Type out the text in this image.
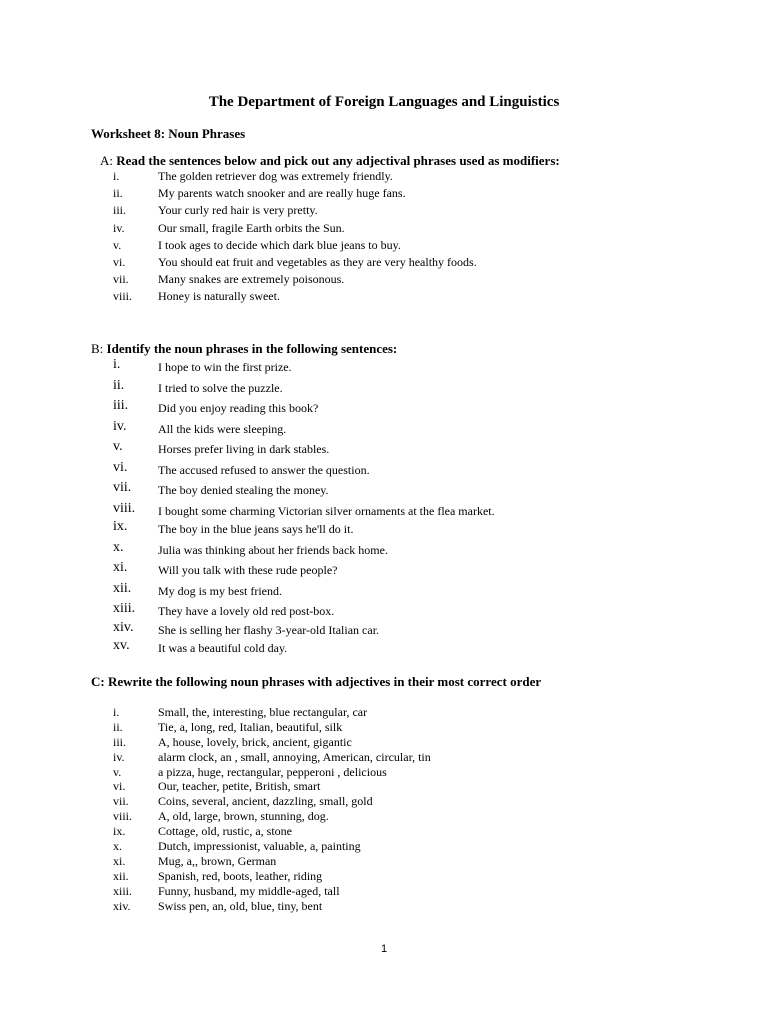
The Department of Foreign Languages and Linguistics
Worksheet 8: Noun Phrases
A: Read the sentences below and pick out any adjectival phrases used as modifiers:
i.	The golden retriever dog was extremely friendly.
ii.	My parents watch snooker and are really huge fans.
iii.	Your curly red hair is very pretty.
iv.	Our small, fragile Earth orbits the Sun.
v.	I took ages to decide which dark blue jeans to buy.
vi.	You should eat fruit and vegetables as they are very healthy foods.
vii. Many snakes are extremely poisonous.
viii. Honey is naturally sweet.
B: Identify the noun phrases in the following sentences:
i.	I hope to win the first prize.
ii.	I tried to solve the puzzle.
iii. Did you enjoy reading this book?
iv.	All the kids were sleeping.
v.	Horses prefer living in dark stables.
vi.	The accused refused to answer the question.
vii. The boy denied stealing the money.
viii. I bought some charming Victorian silver ornaments at the flea market.
ix.	The boy in the blue jeans says he'll do it.
x.	Julia was thinking about her friends back home.
xi.	Will you talk with these rude people?
xii. My dog is my best friend.
xiii. They have a lovely old red post-box.
xiv. She is selling her flashy 3-year-old Italian car.
xv. It was a beautiful cold day.
C: Rewrite the following noun phrases with adjectives in their most correct order
i.	Small, the, interesting, blue rectangular, car
ii.	Tie, a, long, red, Italian, beautiful, silk
iii.	A, house, lovely, brick, ancient, gigantic
iv.	alarm clock, an , small, annoying, American, circular, tin
v.	a pizza, huge, rectangular, pepperoni , delicious
vi.	Our, teacher, petite, British, smart
vii. Coins, several, ancient, dazzling, small, gold
viii. A, old, large, brown, stunning, dog.
ix.	Cottage, old, rustic, a, stone
x.	Dutch, impressionist, valuable, a, painting
xi.	Mug, a,, brown, German
xii. Spanish, red, boots, leather, riding
xiii. Funny, husband, my middle-aged, tall
xiv. Swiss pen, an, old, blue, tiny, bent
1
